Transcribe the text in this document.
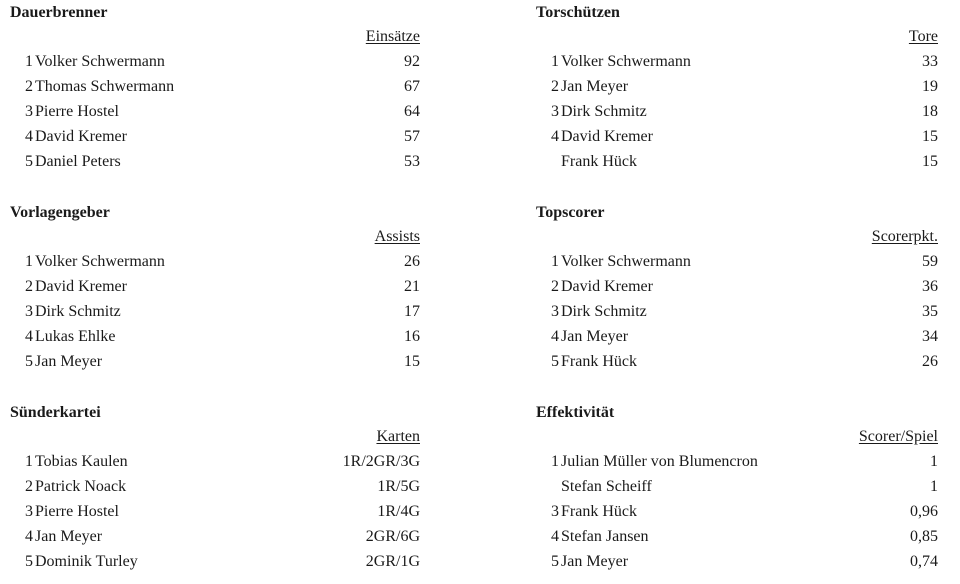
Dauerbrenner
Einsätze
1 Volker Schwermann	92
2 Thomas Schwermann	67
3 Pierre Hostel	64
4 David Kremer	57
5 Daniel Peters	53
Torschützen
Tore
1 Volker Schwermann	33
2 Jan Meyer	19
3 Dirk Schmitz	18
4 David Kremer	15
Frank Hück	15
Vorlagengeber
Assists
1 Volker Schwermann	26
2 David Kremer	21
3 Dirk Schmitz	17
4 Lukas Ehlke	16
5 Jan Meyer	15
Topscorer
Scorerpkt.
1 Volker Schwermann	59
2 David Kremer	36
3 Dirk Schmitz	35
4 Jan Meyer	34
5 Frank Hück	26
Sünderkartei
Karten
1 Tobias Kaulen	1R/2GR/3G
2 Patrick Noack	1R/5G
3 Pierre Hostel	1R/4G
4 Jan Meyer	2GR/6G
5 Dominik Turley	2GR/1G
Effektivität
Scorer/Spiel
1 Julian Müller von Blumencron	1
Stefan Scheiff	1
3 Frank Hück	0,96
4 Stefan Jansen	0,85
5 Jan Meyer	0,74
